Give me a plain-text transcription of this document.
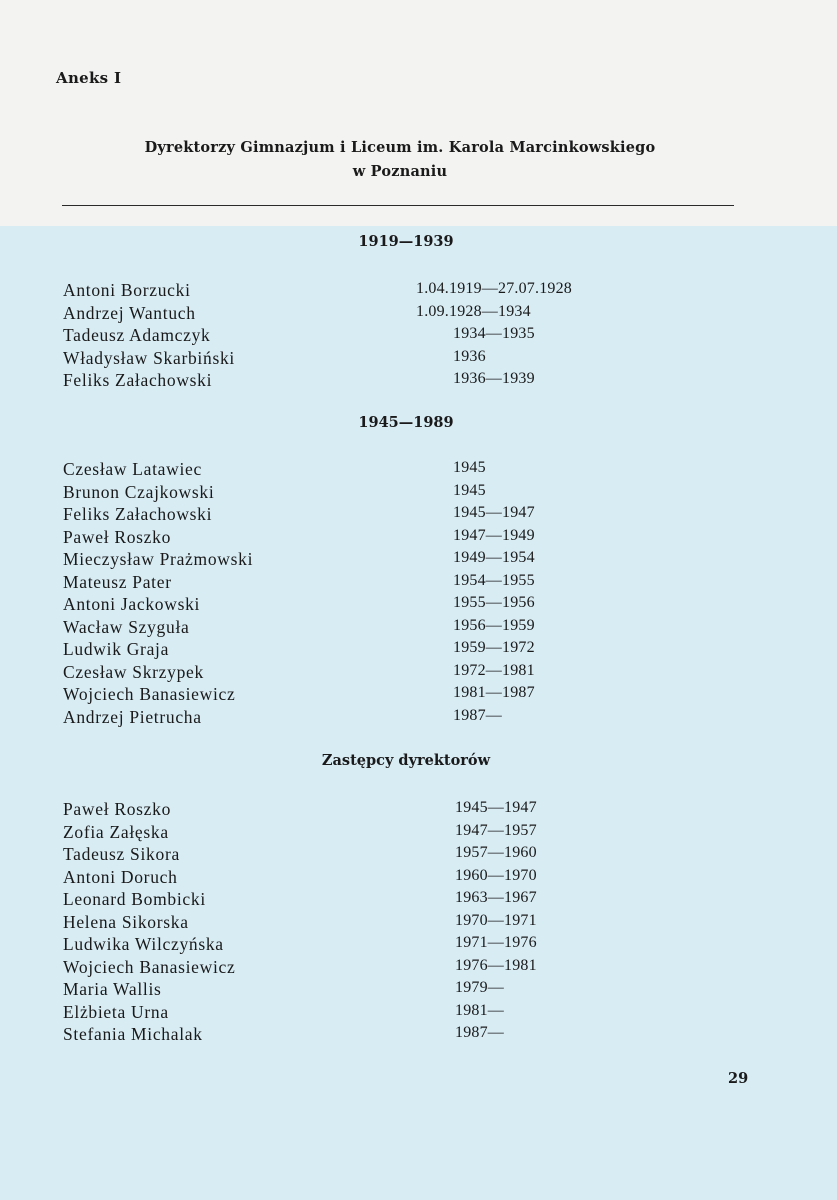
Aneks I
Dyrektorzy Gimnazjum i Liceum im. Karola Marcinkowskiego
w Poznaniu
1919—1939
Antoni Borzucki	1.04.1919—27.07.1928
Andrzej Wantuch	1.09.1928—1934
Tadeusz Adamczyk	1934—1935
Władysław Skarbiński	1936
Feliks Załachowski	1936—1939
1945—1989
Czesław Latawiec	1945
Brunon Czajkowski	1945
Feliks Załachowski	1945—1947
Paweł Roszko	1947—1949
Mieczysław Prażmowski	1949—1954
Mateusz Pater	1954—1955
Antoni Jackowski	1955—1956
Wacław Szyguła	1956—1959
Ludwik Graja	1959—1972
Czesław Skrzypek	1972—1981
Wojciech Banasiewicz	1981—1987
Andrzej Pietrucha	1987—
Zastępcy dyrektorów
Paweł Roszko	1945—1947
Zofia Załęska	1947—1957
Tadeusz Sikora	1957—1960
Antoni Doruch	1960—1970
Leonard Bombicki	1963—1967
Helena Sikorska	1970—1971
Ludwika Wilczyńska	1971—1976
Wojciech Banasiewicz	1976—1981
Maria Wallis	1979—
Elżbieta Urna	1981—
Stefania Michalak	1987—
29
